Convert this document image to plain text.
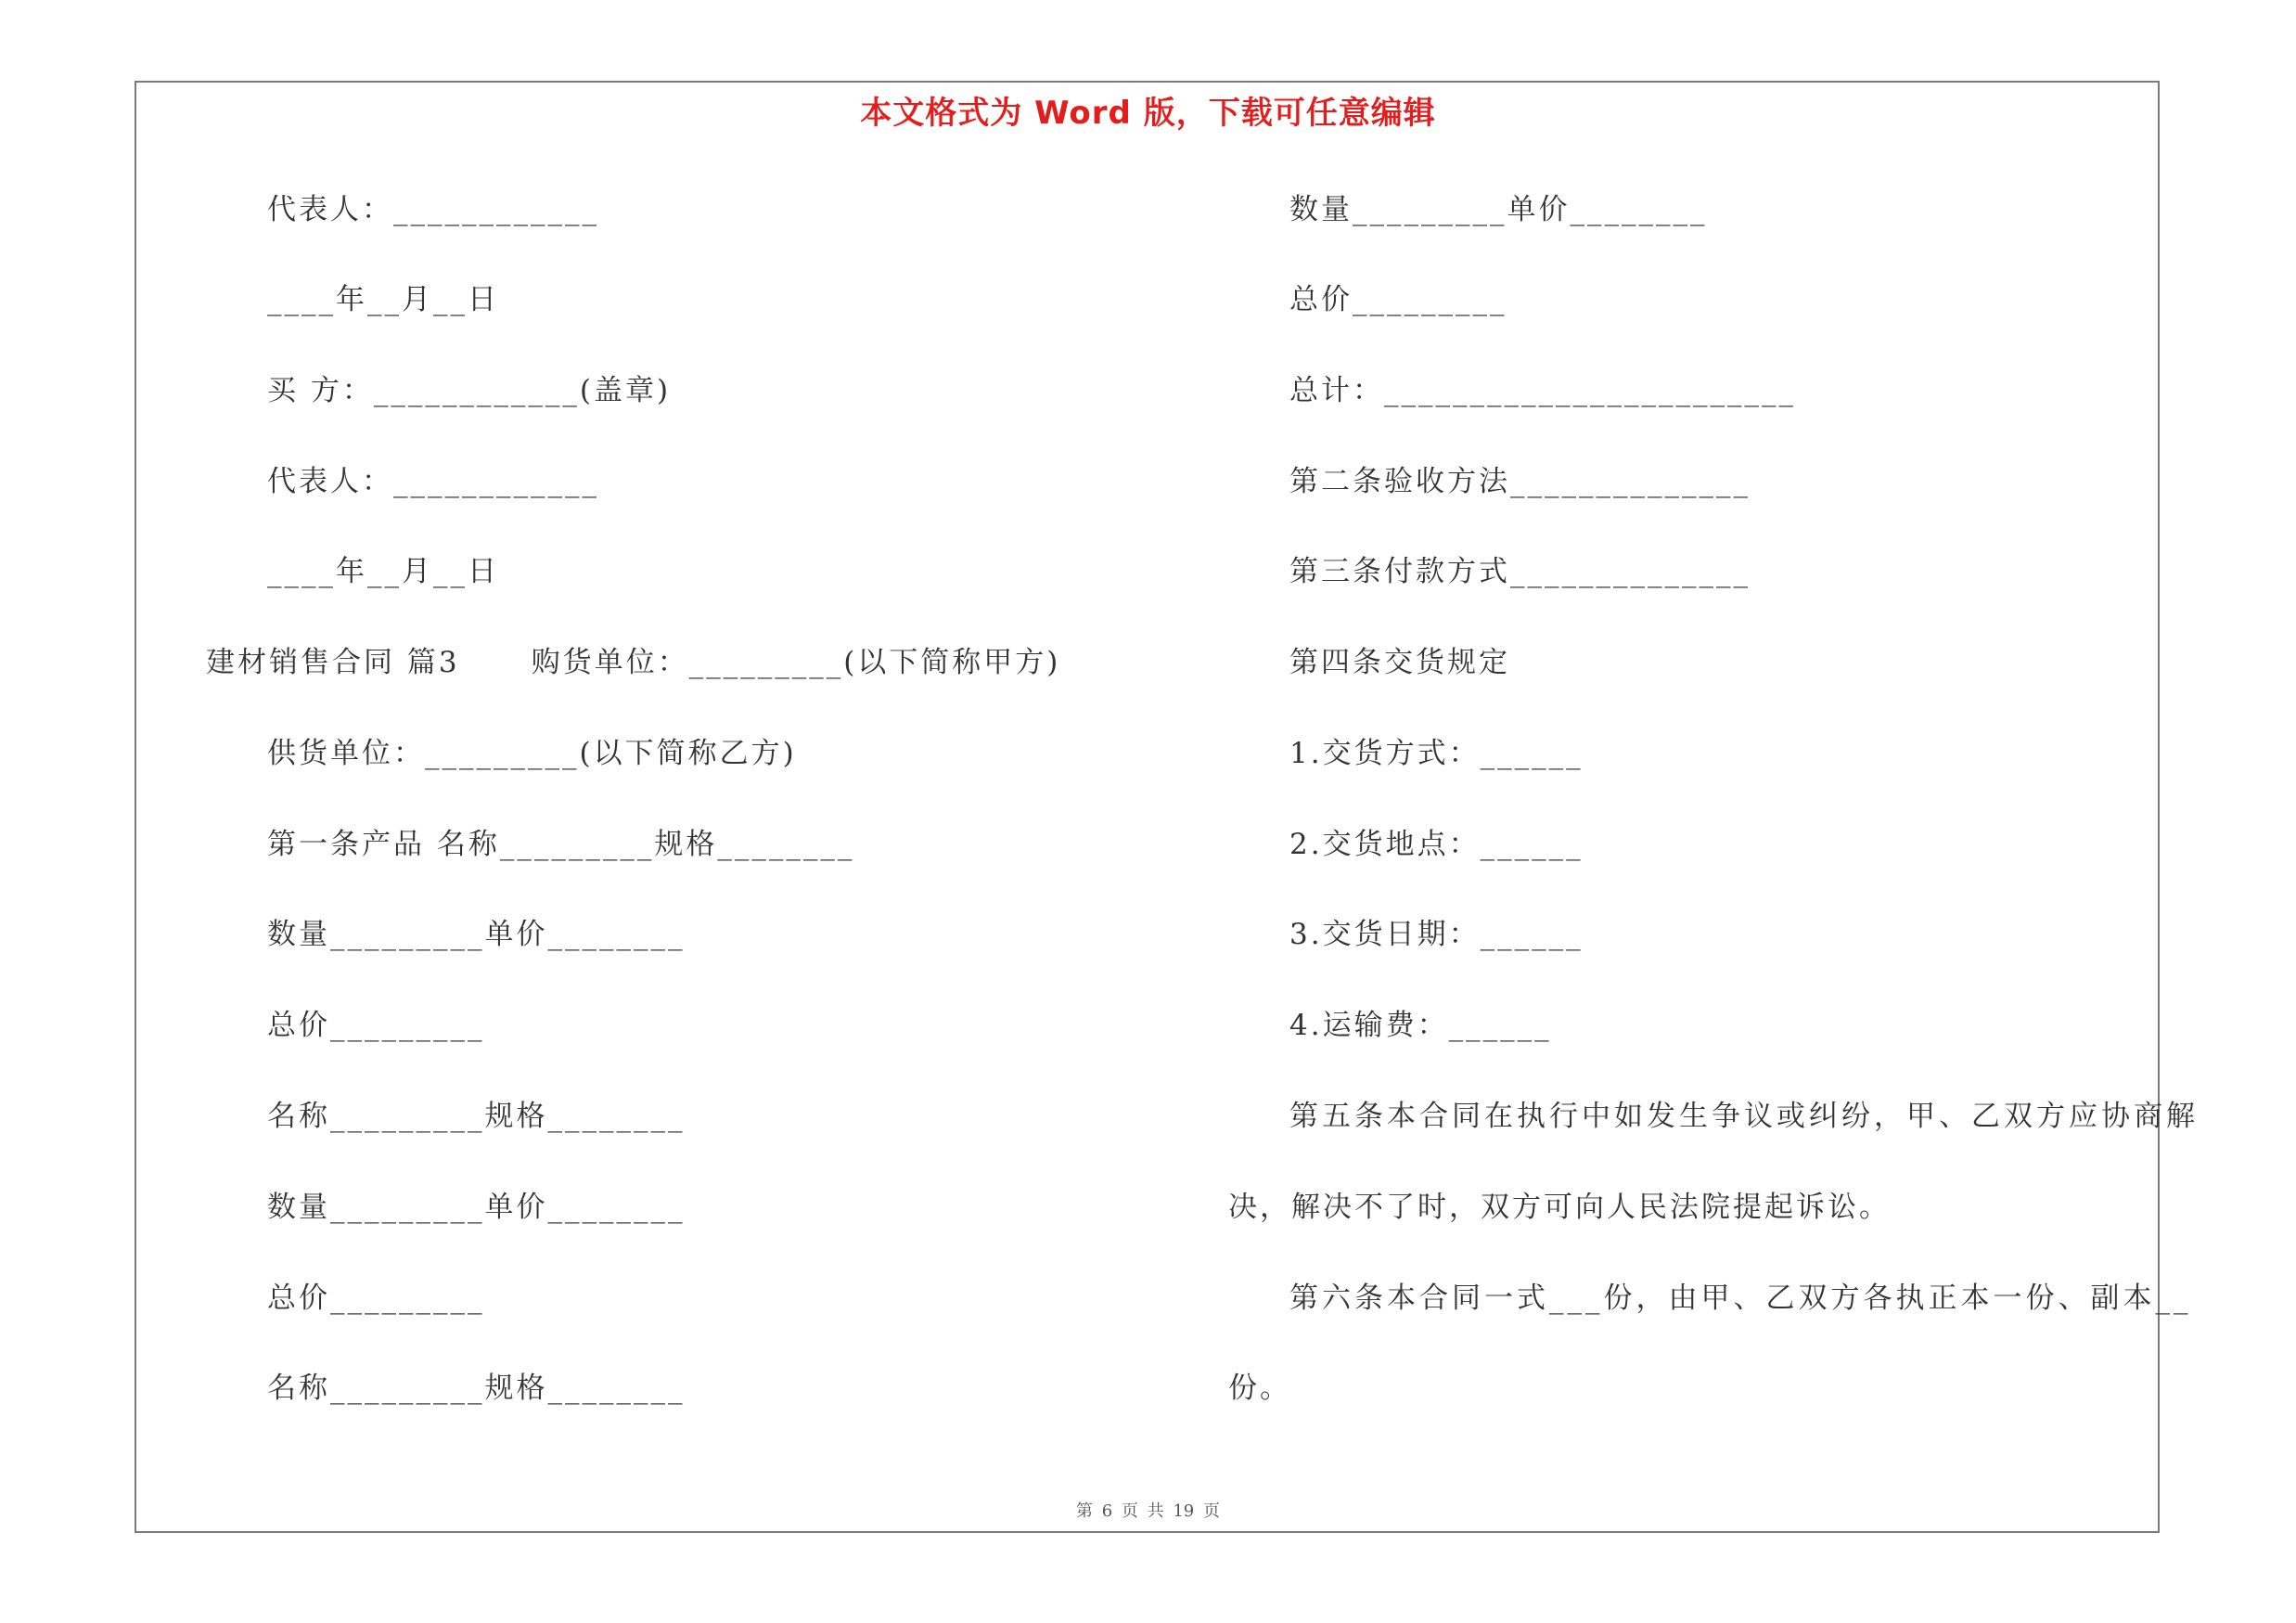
本文格式为 Word 版，下载可任意编辑
代表人：____________
____年__月__日
买 方：____________(盖章)
代表人：____________
____年__月__日
建材销售合同 篇3      购货单位：_________(以下简称甲方)
供货单位：_________(以下简称乙方)
第一条产品 名称_________规格________
数量_________单价________
总价_________
名称_________规格________
数量_________单价________
总价_________
名称_________规格________
数量_________单价________
总价_________
总计：________________________
第二条验收方法______________
第三条付款方式______________
第四条交货规定
1.交货方式：______
2.交货地点：______
3.交货日期：______
4.运输费：______
第五条本合同在执行中如发生争议或纠纷，甲、乙双方应协商解
决，解决不了时，双方可向人民法院提起诉讼。
第六条本合同一式___份，由甲、乙双方各执正本一份、副本__
份。
第 6 页 共 19 页
